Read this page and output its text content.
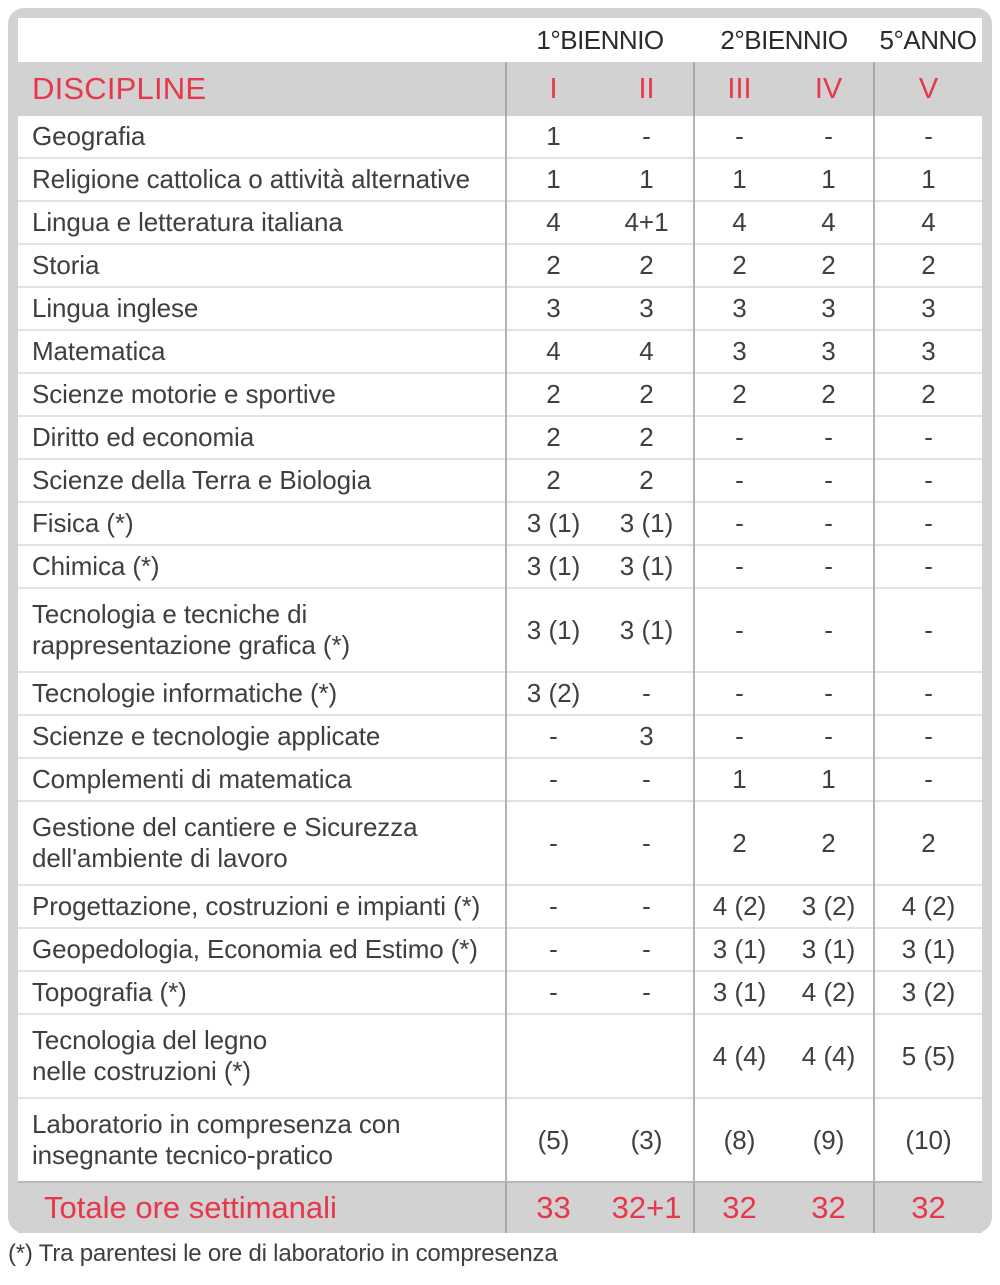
	1°BIENNIO		2°BIENNIO		5°ANNO

DISCIPLINE	I	II	III	IV	V

Geografia	1	-	-	-	-

Religione cattolica o attività alternative	1	1	1	1	1

Lingua e letteratura italiana	4	4+1	4	4	4

Storia	2	2	2	2	2

Lingua inglese	3	3	3	3	3

Matematica	4	4	3	3	3

Scienze motorie e sportive	2	2	2	2	2

Diritto ed economia	2	2	-	-	-

Scienze della Terra e Biologia	2	2	-	-	-

Fisica (*)	3 (1)	3 (1)	-	-	-

Chimica (*)	3 (1)	3 (1)	-	-	-

Tecnologia e tecniche di
rappresentazione grafica (*)	3 (1)	3 (1)	-	-	-

Tecnologie informatiche (*)	3 (2)	-	-	-	-

Scienze e tecnologie applicate	-	3	-	-	-

Complementi di matematica	-	-	1	1	-

Gestione del cantiere e Sicurezza
dell'ambiente di lavoro	-	-	2	2	2

Progettazione, costruzioni e impianti (*)	-	-	4 (2)	3 (2)	4 (2)

Geopedologia, Economia ed Estimo (*)	-	-	3 (1)	3 (1)	3 (1)

Topografia (*)	-	-	3 (1)	4 (2)	3 (2)

Tecnologia del legno
nelle costruzioni (*)			4 (4)	4 (4)	5 (5)

Laboratorio in compresenza con
insegnante tecnico-pratico	(5)	(3)	(8)	(9)	(10)
Totale ore settimanali	33	32+1	32	32	32
(*) Tra parentesi le ore di laboratorio in compresenza
